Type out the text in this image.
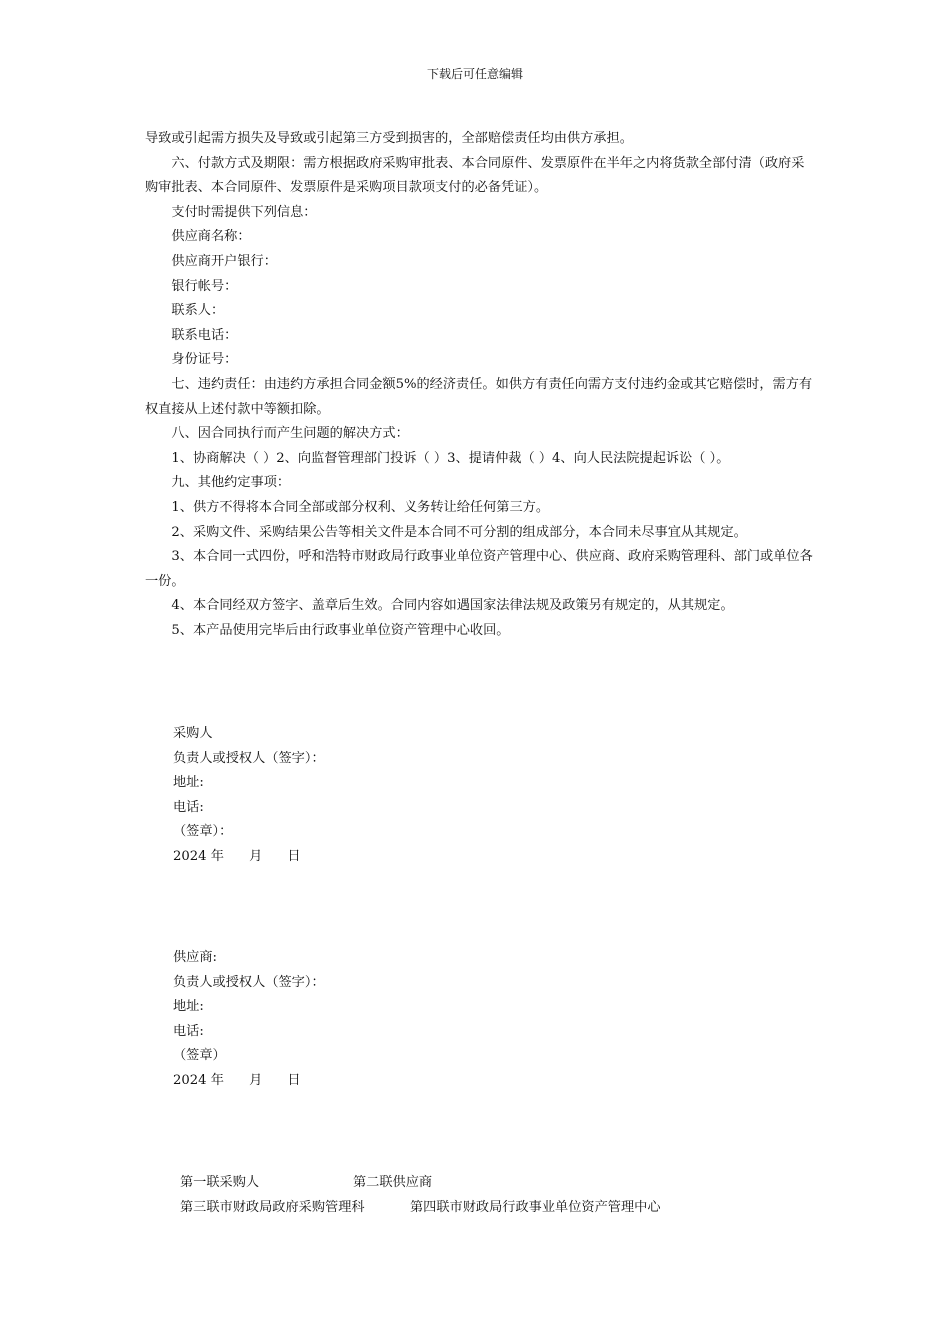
下载后可任意编辑

导致或引起需方损失及导致或引起第三方受到损害的，全部赔偿责任均由供方承担。

六、付款方式及期限：需方根据政府采购审批表、本合同原件、发票原件在半年之内将货款全部付清（政府采购审批表、本合同原件、发票原件是采购项目款项支付的必备凭证）。

支付时需提供下列信息：

供应商名称：

供应商开户银行：

银行帐号：

联系人：

联系电话：

身份证号：

七、违约责任：由违约方承担合同金额5%的经济责任。如供方有责任向需方支付违约金或其它赔偿时，需方有权直接从上述付款中等额扣除。

八、因合同执行而产生问题的解决方式：

1、协商解决（ ）2、向监督管理部门投诉（ ）3、提请仲裁（ ）4、向人民法院提起诉讼（ ）。

九、其他约定事项：

1、供方不得将本合同全部或部分权利、义务转让给任何第三方。

2、采购文件、采购结果公告等相关文件是本合同不可分割的组成部分，本合同未尽事宜从其规定。

3、本合同一式四份，呼和浩特市财政局行政事业单位资产管理中心、供应商、政府采购管理科、部门或单位各一份。

4、本合同经双方签字、盖章后生效。合同内容如遇国家法律法规及政策另有规定的，从其规定。

5、本产品使用完毕后由行政事业单位资产管理中心收回。

采购人
负责人或授权人（签字）：
地址:
电话:
（签章）：
2024 年      月      日
供应商:
负责人或授权人（签字）：
地址:
电话:
（签章）
2024 年      月      日
第一联采购人	第二联供应商
第三联市财政局政府采购管理科	第四联市财政局行政事业单位资产管理中心
